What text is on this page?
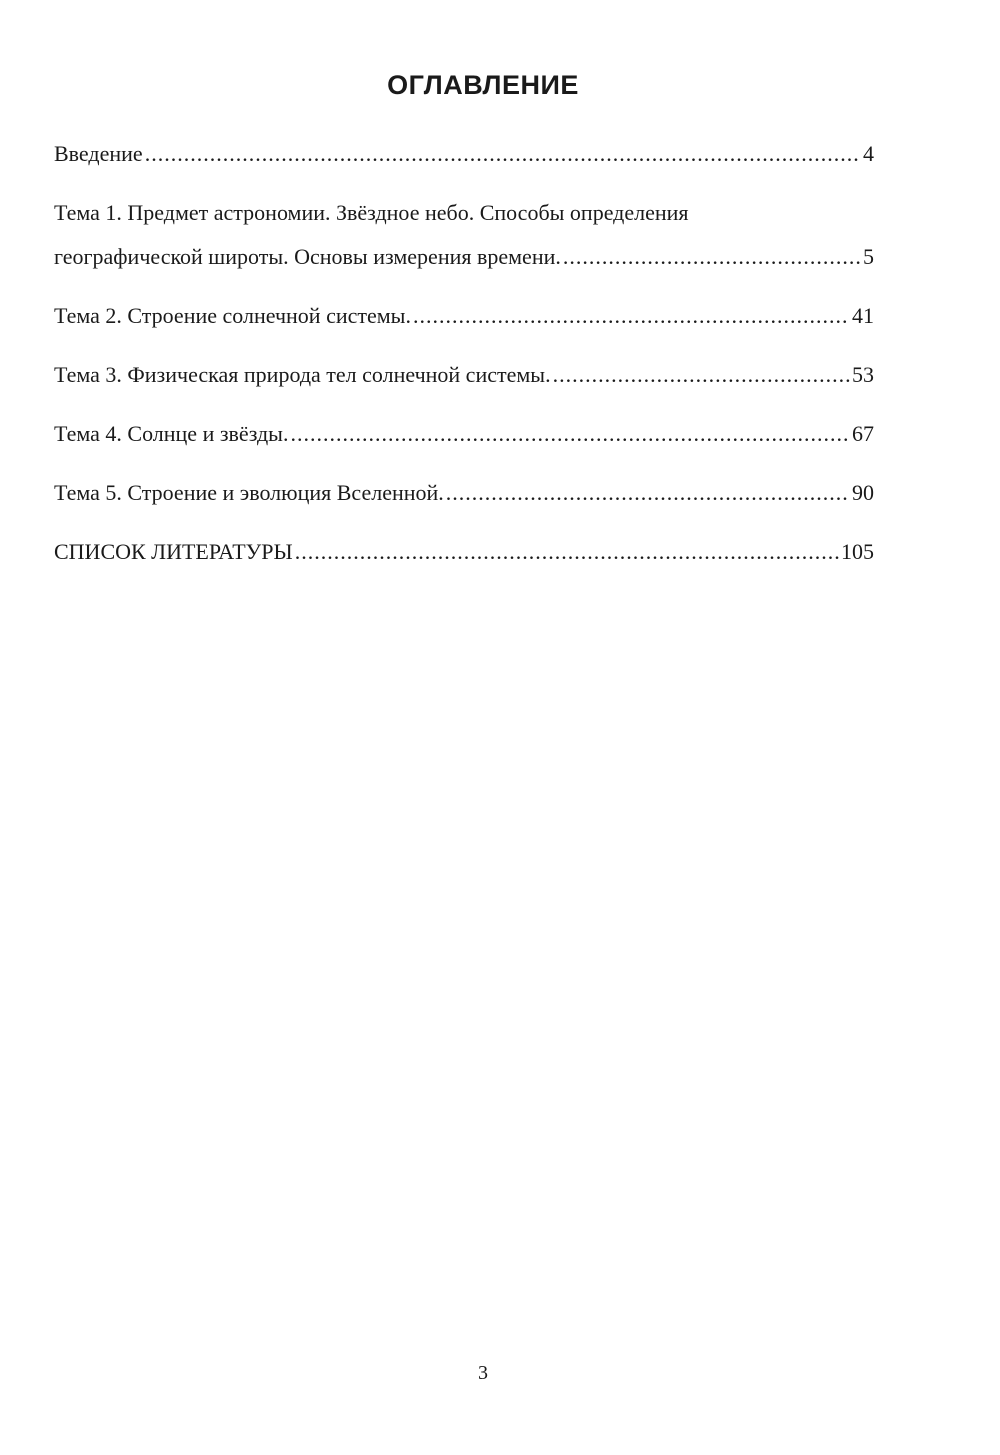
ОГЛАВЛЕНИЕ
Введение .....	4
Тема 1. Предмет астрономии. Звёздное небо. Способы определения
географической широты. Основы измерения времени. .....	5
Тема 2. Строение солнечной системы. .....	41
Тема 3. Физическая природа тел солнечной системы. .....	53
Тема 4. Солнце и звёзды. .....	67
Тема 5. Строение и эволюция Вселенной. .....	90
СПИСОК ЛИТЕРАТУРЫ .....	105
3
